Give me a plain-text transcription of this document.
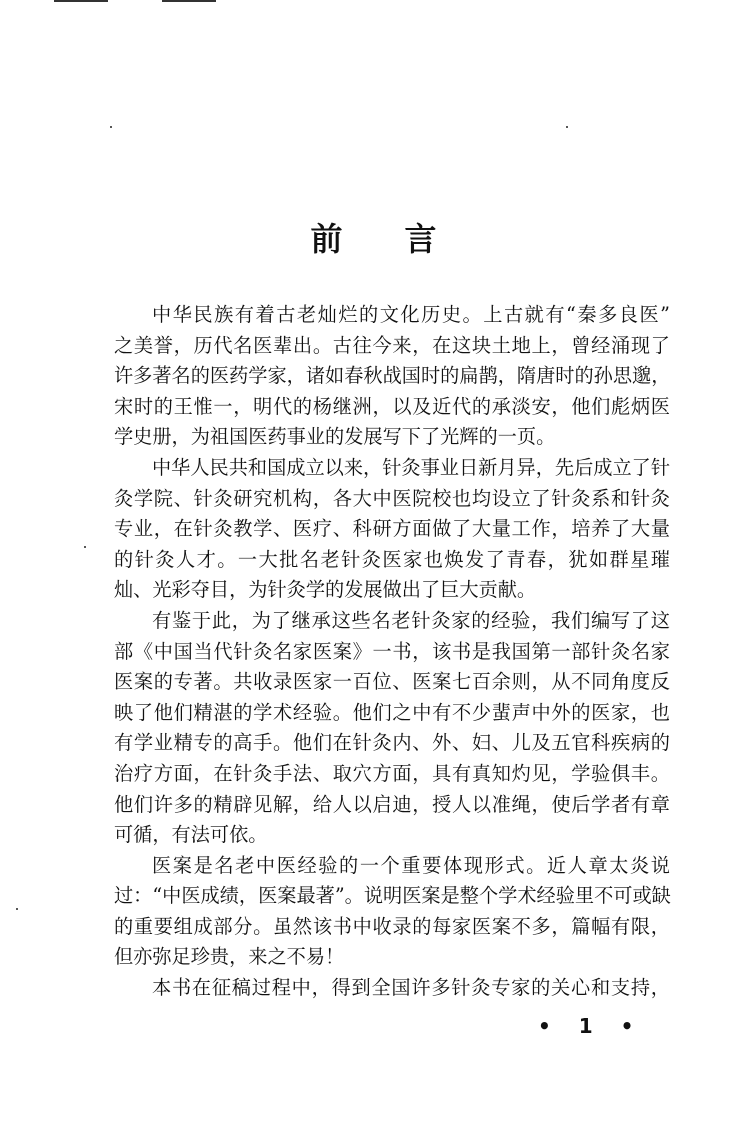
前 言
中华民族有着古老灿烂的文化历史。上古就有“秦多良医”
之美誉，历代名医辈出。古往今来，在这块土地上，曾经涌现了
许多著名的医药学家，诸如春秋战国时的扁鹊，隋唐时的孙思邈，
宋时的王惟一，明代的杨继洲，以及近代的承淡安，他们彪炳医
学史册，为祖国医药事业的发展写下了光辉的一页。
中华人民共和国成立以来，针灸事业日新月异，先后成立了针
灸学院、针灸研究机构，各大中医院校也均设立了针灸系和针灸
专业，在针灸教学、医疗、科研方面做了大量工作，培养了大量
的针灸人才。一大批名老针灸医家也焕发了青春，犹如群星璀
灿、光彩夺目，为针灸学的发展做出了巨大贡献。
有鉴于此，为了继承这些名老针灸家的经验，我们编写了这
部《中国当代针灸名家医案》一书，该书是我国第一部针灸名家
医案的专著。共收录医家一百位、医案七百余则，从不同角度反
映了他们精湛的学术经验。他们之中有不少蜚声中外的医家，也
有学业精专的高手。他们在针灸内、外、妇、儿及五官科疾病的
治疗方面，在针灸手法、取穴方面，具有真知灼见，学验俱丰。
他们许多的精辟见解，给人以启迪，授人以准绳，使后学者有章
可循，有法可依。
医案是名老中医经验的一个重要体现形式。近人章太炎说
过：“中医成绩，医案最著”。说明医案是整个学术经验里不可或缺
的重要组成部分。虽然该书中收录的每家医案不多，篇幅有限，
但亦弥足珍贵，来之不易！
本书在征稿过程中，得到全国许多针灸专家的关心和支持，
• 1 •
